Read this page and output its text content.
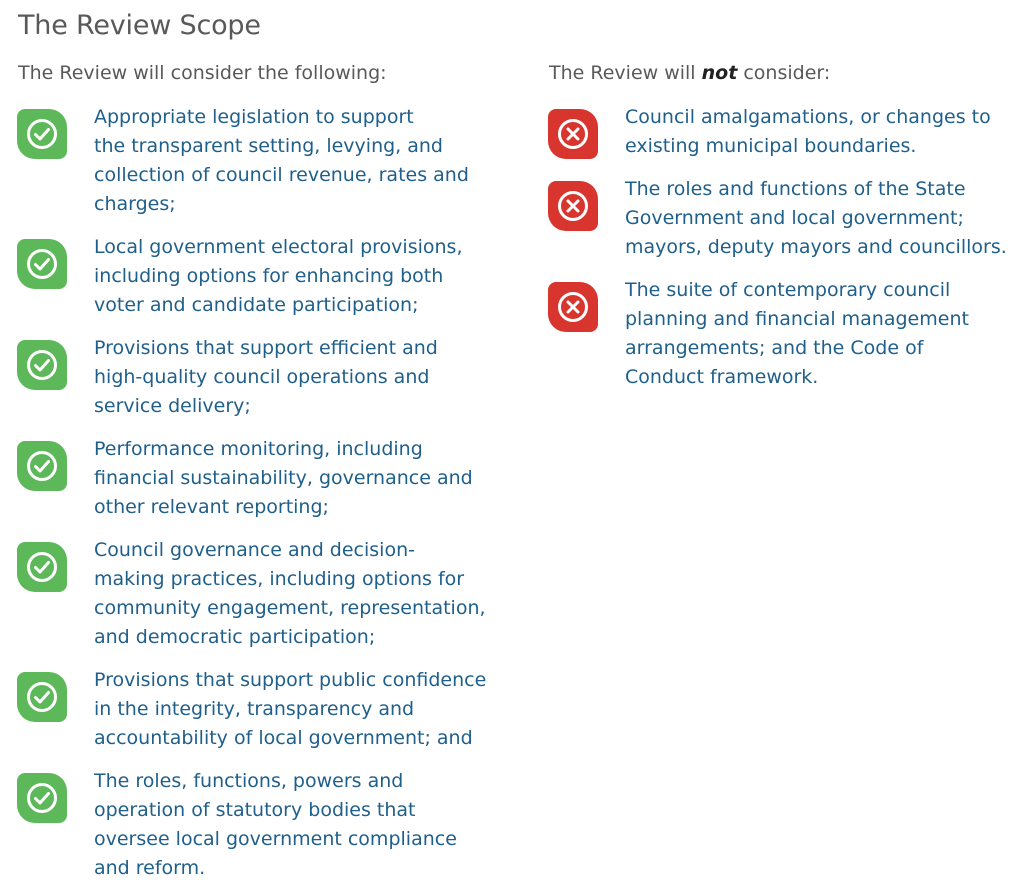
The Review Scope
The Review will consider the following:	The Review will not consider:
Appropriate legislation to support
the transparent setting, levying, and
collection of council revenue, rates and
charges;
Local government electoral provisions,
including options for enhancing both
voter and candidate participation;
Provisions that support efficient and
high-quality council operations and
service delivery;
Performance monitoring, including
financial sustainability, governance and
other relevant reporting;
Council governance and decision-
making practices, including options for
community engagement, representation,
and democratic participation;
Provisions that support public confidence
in the integrity, transparency and
accountability of local government; and
The roles, functions, powers and
operation of statutory bodies that
oversee local government compliance
and reform.
Council amalgamations, or changes to
existing municipal boundaries.
The roles and functions of the State
Government and local government;
mayors, deputy mayors and councillors.
The suite of contemporary council
planning and financial management
arrangements; and the Code of
Conduct framework.
